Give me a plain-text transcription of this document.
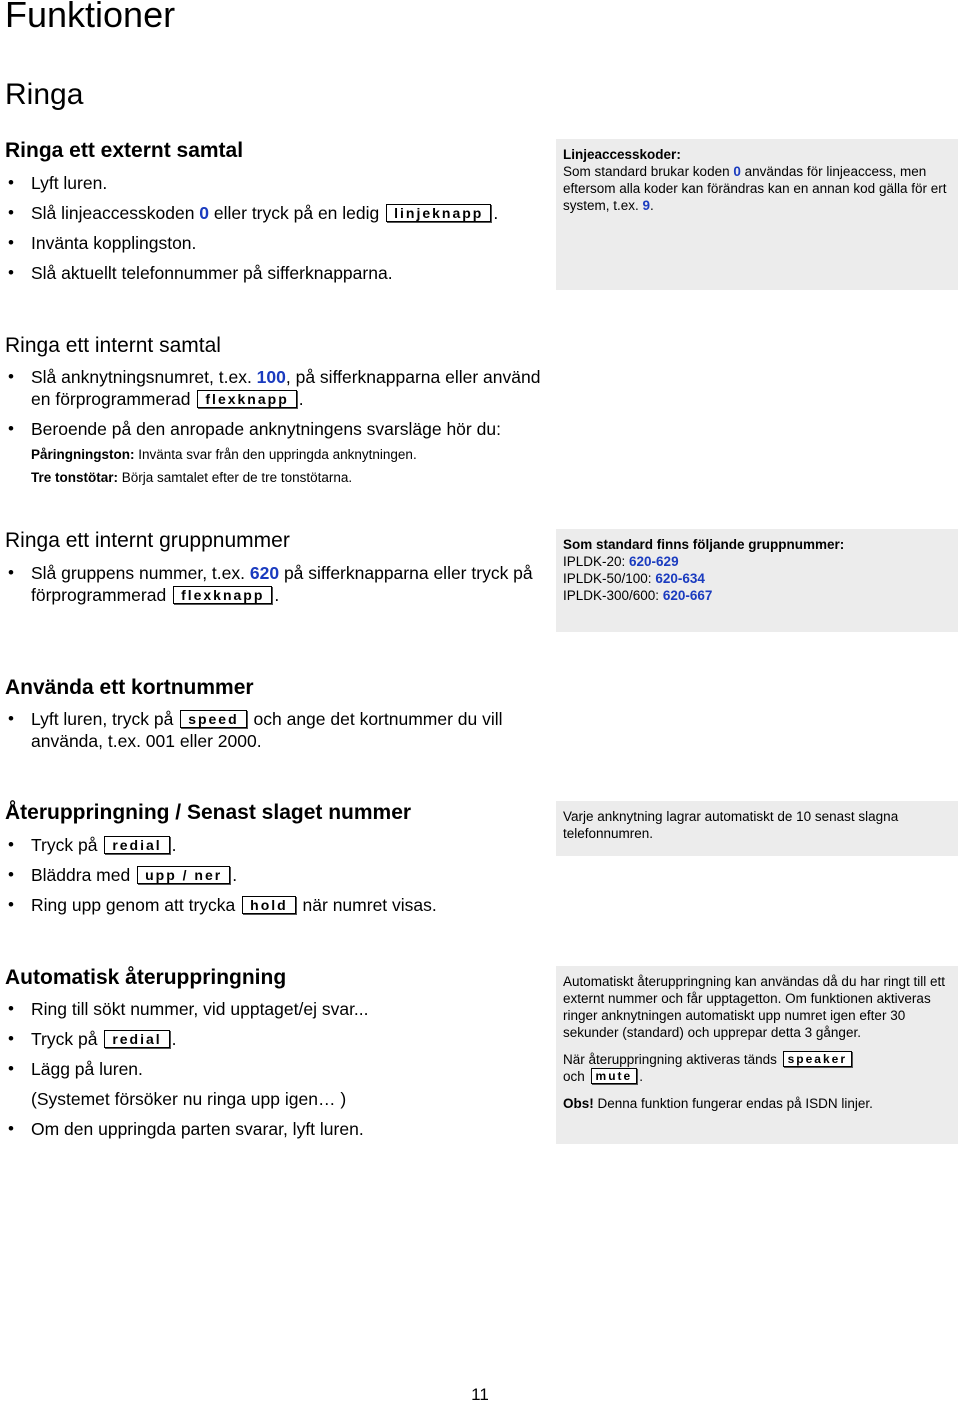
Funktioner
Ringa
Ringa ett externt samtal
• Lyft luren.
• Slå linjeaccesskoden 0 eller tryck på en ledig linjeknapp .
• Invänta kopplingston.
• Slå aktuellt telefonnummer på sifferknapparna.
Linjeaccesskoder:
Som standard brukar koden 0 användas för linjeaccess, men eftersom alla koder kan förändras kan en annan kod gälla för ert system, t.ex. 9.
Ringa ett internt samtal
• Slå anknytningsnumret, t.ex. 100, på sifferknapparna eller använd en förprogrammerad flexknapp .
• Beroende på den anropade anknytningens svarsläge hör du:
Påringningston: Invänta svar från den uppringda anknytningen.
Tre tonstötar: Börja samtalet efter de tre tonstötarna.
Ringa ett internt gruppnummer
• Slå gruppens nummer, t.ex. 620 på sifferknapparna eller tryck på förprogrammerad flexknapp .
Som standard finns följande gruppnummer:
IPLDK-20: 620-629
IPLDK-50/100: 620-634
IPLDK-300/600: 620-667
Använda ett kortnummer
• Lyft luren, tryck på speed och ange det kortnummer du vill använda, t.ex. 001 eller 2000.
Återuppringning / Senast slaget nummer
• Tryck på redial .
• Bläddra med upp / ner .
• Ring upp genom att trycka hold när numret visas.
Varje anknytning lagrar automatiskt de 10 senast slagna telefonnumren.
Automatisk återuppringning
• Ring till sökt nummer, vid upptaget/ej svar...
• Tryck på redial .
• Lägg på luren.
(Systemet försöker nu ringa upp igen… )
• Om den uppringda parten svarar, lyft luren.

Automatiskt återuppringning kan användas då du har ringt till ett externt nummer och får upptagetton. Om funktionen aktiveras ringer anknytningen automatiskt upp numret igen efter 30 sekunder (standard) och upprepar detta 3 gånger.

När återuppringning aktiveras tänds speaker
och mute .

Obs! Denna funktion fungerar endas på ISDN linjer.

11
